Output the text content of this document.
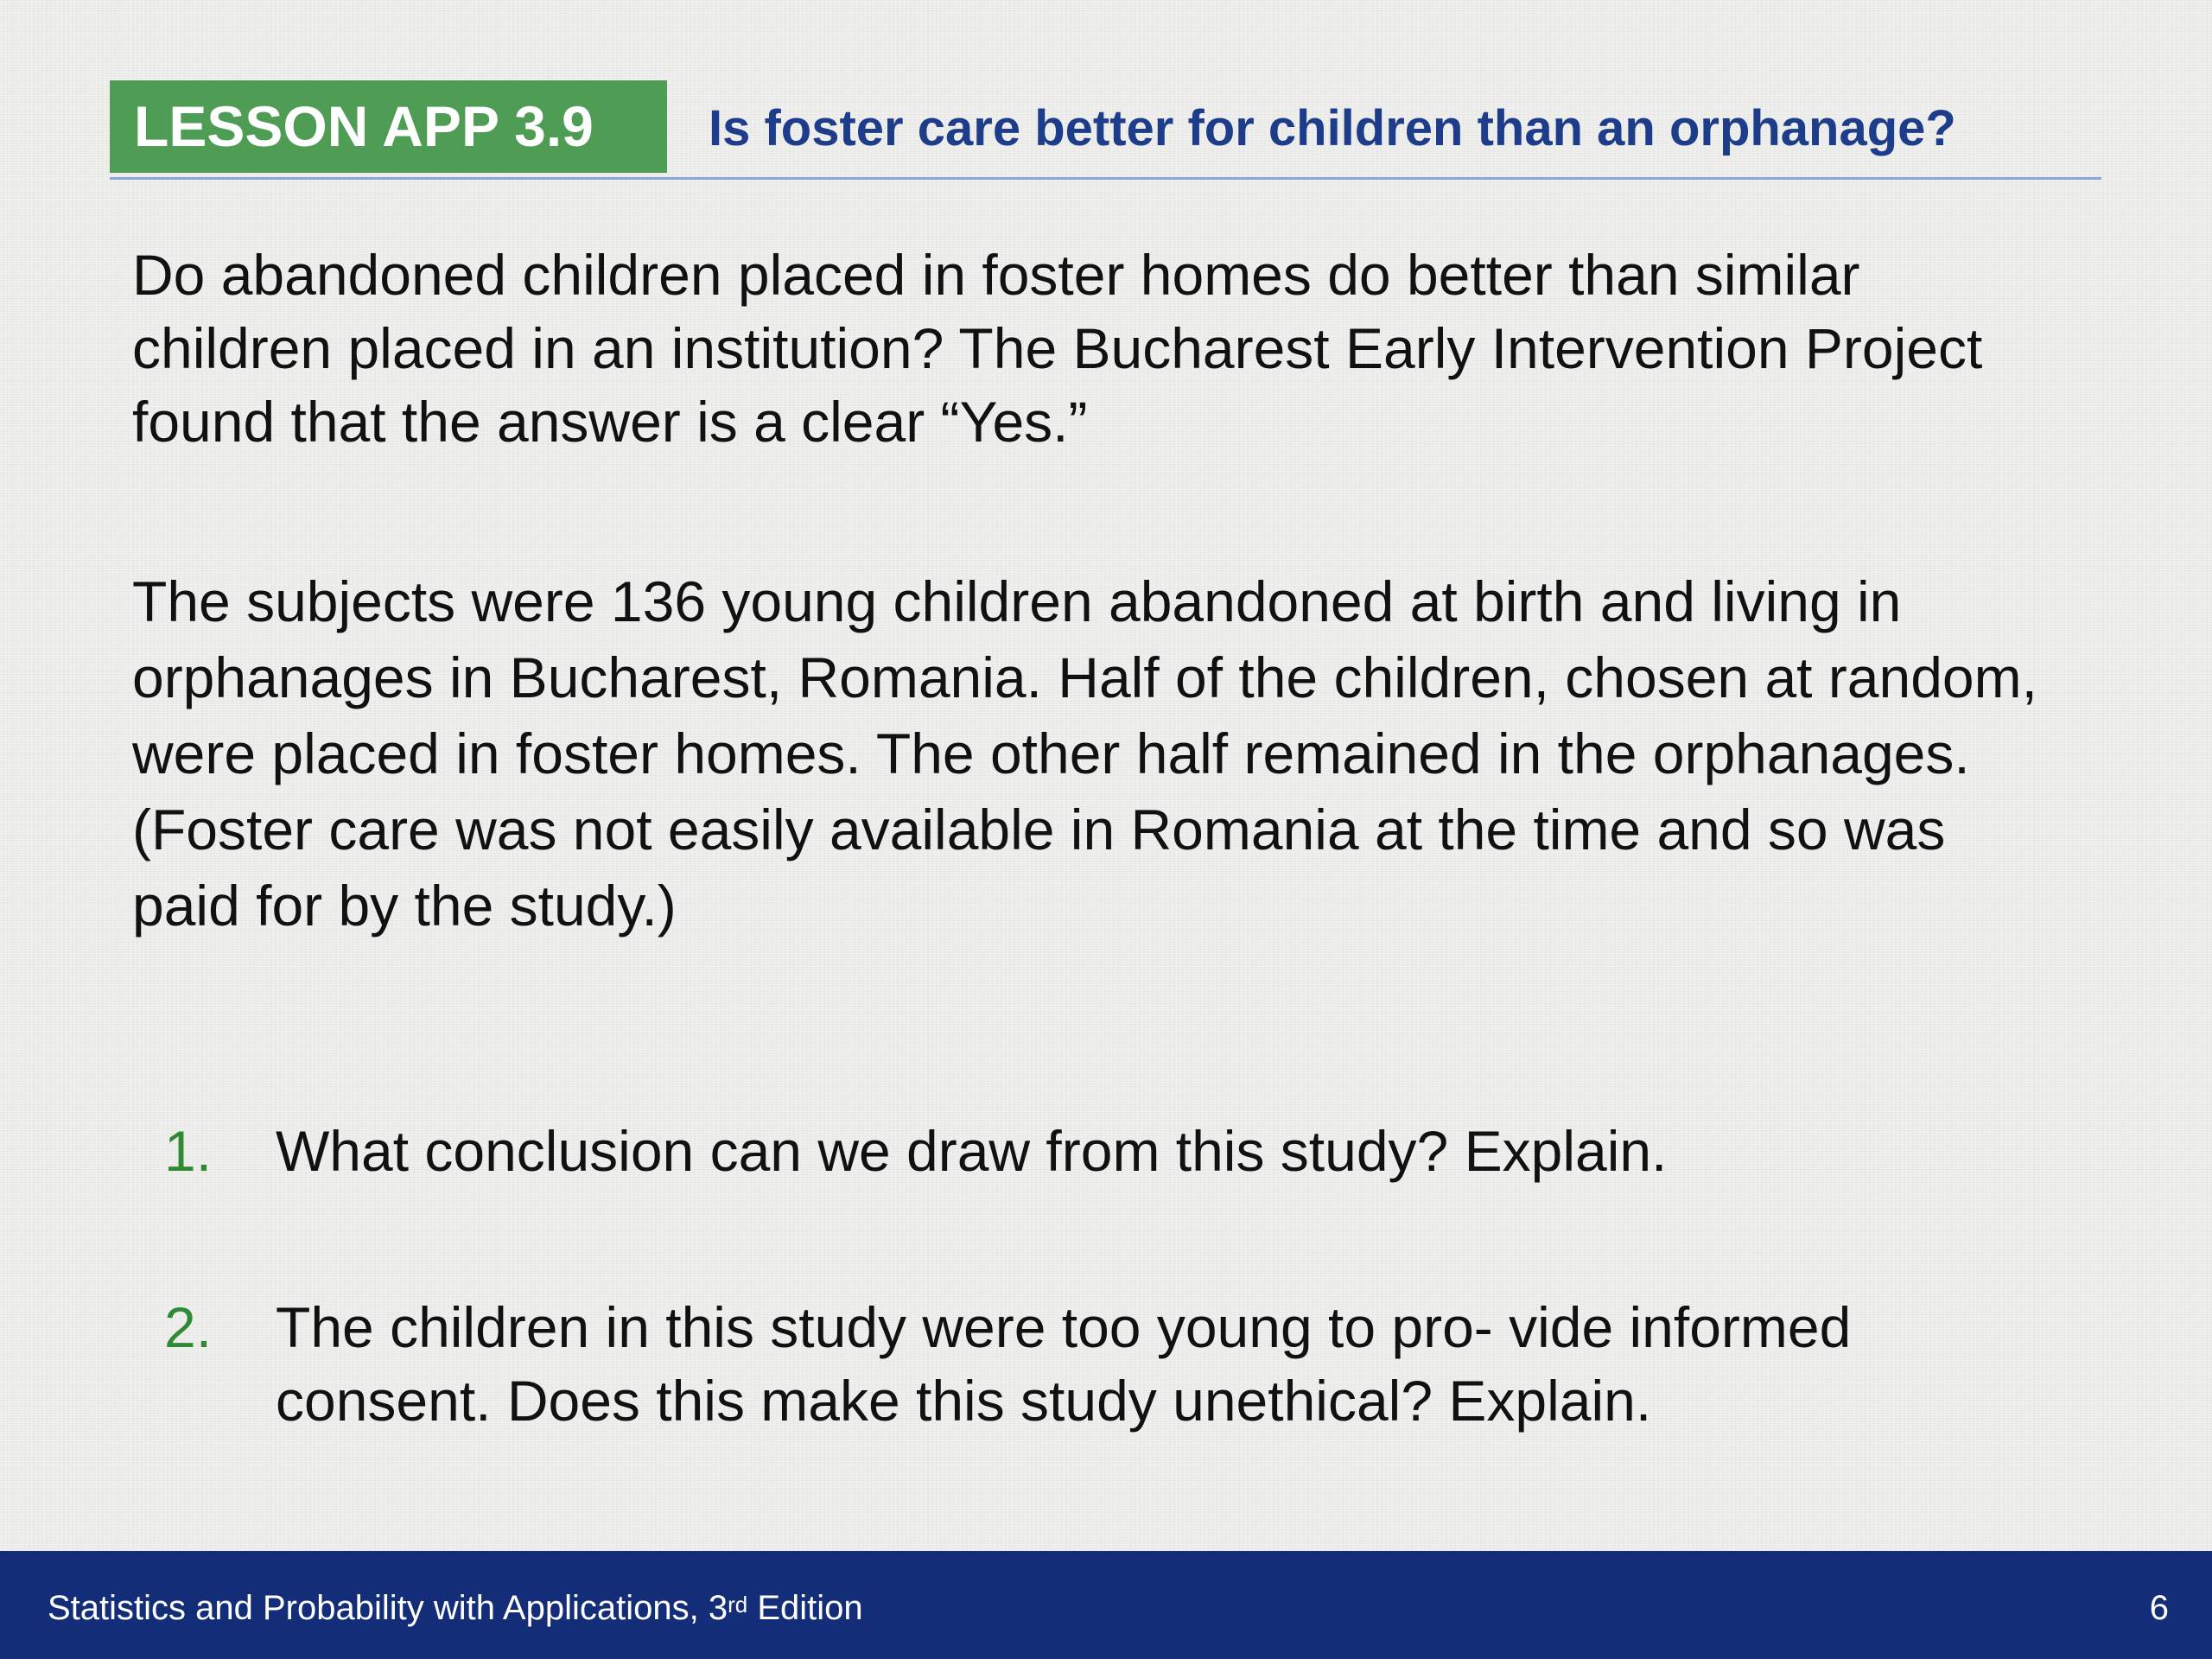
LESSON APP 3.9	Is foster care better for children than an orphanage?

Do abandoned children placed in foster homes do better than similar children placed in an institution? The Bucharest Early Intervention Project found that the answer is a clear “Yes.”

The subjects were 136 young children abandoned at birth and living in orphanages in Bucharest, Romania. Half of the children, chosen at random, were placed in foster homes. The other half remained in the orphanages. (Foster care was not easily available in Romania at the time and so was paid for by the study.)

1. What conclusion can we draw from this study? Explain.
2. The children in this study were too young to pro- vide informed consent. Does this make this study unethical? Explain.
Statistics and Probability with Applications, 3rd Edition	6
